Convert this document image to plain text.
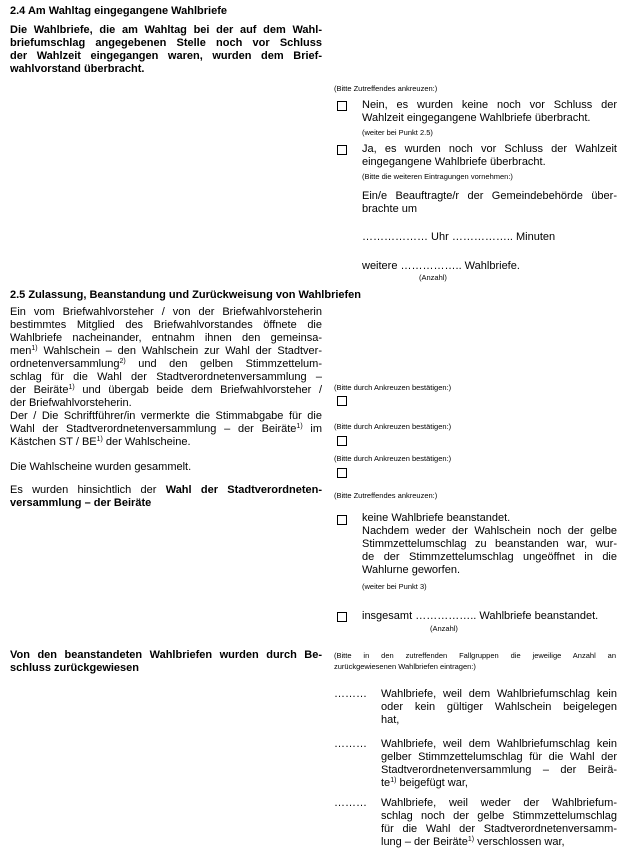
2.4 Am Wahltag eingegangene Wahlbriefe
Die Wahlbriefe, die am Wahltag bei der auf dem Wahl-
briefumschlag angegebenen Stelle noch vor Schluss
der Wahlzeit eingegangen waren, wurden dem Brief-
wahlvorstand überbracht.
(Bitte Zutreffendes ankreuzen:)
Nein, es wurden keine noch vor Schluss der
Wahlzeit eingegangene Wahlbriefe überbracht.
(weiter bei Punkt 2.5)
Ja, es wurden noch vor Schluss der Wahlzeit
eingegangene Wahlbriefe überbracht.
(Bitte die weiteren Eintragungen vornehmen:)
Ein/e Beauftragte/r der Gemeindebehörde über-
brachte um
……………… Uhr …………….. Minuten
weitere …………….. Wahlbriefe.
(Anzahl)
2.5 Zulassung, Beanstandung und Zurückweisung von Wahlbriefen
Ein vom Briefwahlvorsteher / von der Briefwahlvorsteherin
bestimmtes Mitglied des Briefwahlvorstandes öffnete die
Wahlbriefe nacheinander, entnahm ihnen den gemeinsa-
men$^{1)}$ Wahlschein – den Wahlschein zur Wahl der Stadtver-
ordnetenversammlung$^{2)}$ und den gelben Stimmzettelum-
schlag für die Wahl der Stadtverordnetenversammlung –
der Beiräte$^{1)}$ und übergab beide dem Briefwahlvorsteher /
der Briefwahlvorsteherin.
Der / Die Schriftführer/in vermerkte die Stimmabgabe für die
Wahl der Stadtverordnetenversammlung – der Beiräte$^{1)}$ im
Kästchen ST / BE$^{1)}$ der Wahlscheine.
Die Wahlscheine wurden gesammelt.
(Bitte durch Ankreuzen bestätigen:)
(Bitte durch Ankreuzen bestätigen:)
(Bitte durch Ankreuzen bestätigen:)
Es wurden hinsichtlich der Wahl der Stadtverordneten-
versammlung – der Beiräte
(Bitte Zutreffendes ankreuzen:)
keine Wahlbriefe beanstandet.
Nachdem weder der Wahlschein noch der gelbe
Stimmzettelumschlag zu beanstanden war, wur-
de der Stimmzettelumschlag ungeöffnet in die
Wahlurne geworfen.
(weiter bei Punkt 3)
insgesamt …………….. Wahlbriefe beanstandet.
(Anzahl)
Von den beanstandeten Wahlbriefen wurden durch Be-
schluss zurückgewiesen
(Bitte in den zutreffenden Fallgruppen die jeweilige Anzahl an
zurückgewiesenen Wahlbriefen eintragen:)
……… Wahlbriefe, weil dem Wahlbriefumschlag kein
oder kein gültiger Wahlschein beigelegen
hat,
……… Wahlbriefe, weil dem Wahlbriefumschlag kein
gelber Stimmzettelumschlag für die Wahl der
Stadtverordnetenversammlung – der Beirä-
$te^{1)}$ beigefügt war,
……… Wahlbriefe, weil weder der Wahlbriefum-
schlag noch der gelbe Stimmzettelumschlag
für die Wahl der Stadtverordnetenversamm-
lung – der Beiräte$^{1)}$ verschlossen war,
